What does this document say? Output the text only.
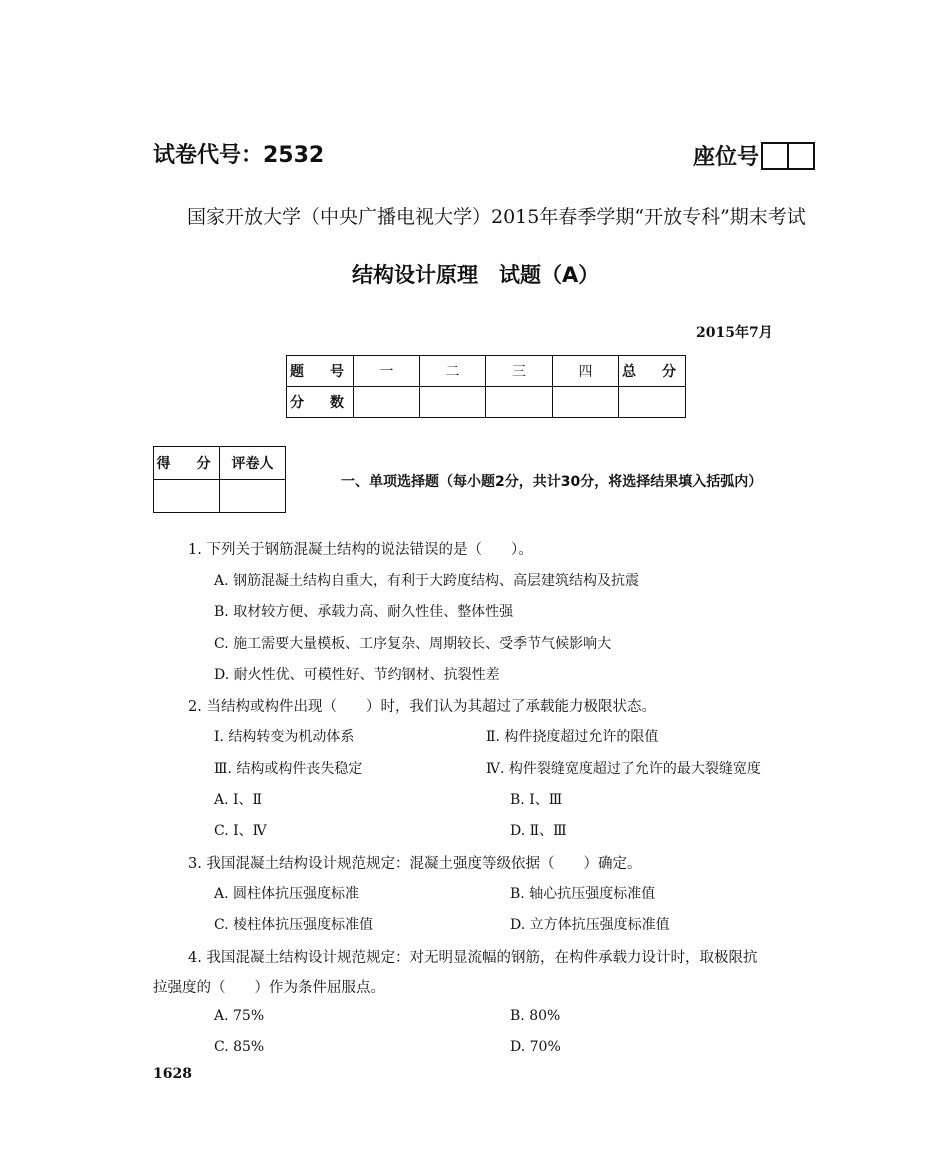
试卷代号：2532	座位号
国家开放大学（中央广播电视大学）2015年春季学期“开放专科”期末考试
结构设计原理　试题（A）
2015年7月
题　号	一	二	三	四	总　分
分　数					
得　分	评卷人

一、单项选择题（每小题2分，共计30分，将选择结果填入括弧内）
1. 下列关于钢筋混凝土结构的说法错误的是（　　）。
A. 钢筋混凝土结构自重大，有利于大跨度结构、高层建筑结构及抗震
B. 取材较方便、承载力高、耐久性佳、整体性强
C. 施工需要大量模板、工序复杂、周期较长、受季节气候影响大
D. 耐火性优、可模性好、节约钢材、抗裂性差
2. 当结构或构件出现（　　）时，我们认为其超过了承载能力极限状态。
Ⅰ. 结构转变为机动体系	Ⅱ. 构件挠度超过允许的限值
Ⅲ. 结构或构件丧失稳定	Ⅳ. 构件裂缝宽度超过了允许的最大裂缝宽度
A. Ⅰ、Ⅱ	B. Ⅰ、Ⅲ
C. Ⅰ、Ⅳ	D. Ⅱ、Ⅲ
3. 我国混凝土结构设计规范规定：混凝土强度等级依据（　　）确定。
A. 圆柱体抗压强度标准	B. 轴心抗压强度标准值
C. 棱柱体抗压强度标准值	D. 立方体抗压强度标准值
4. 我国混凝土结构设计规范规定：对无明显流幅的钢筋，在构件承载力设计时，取极限抗
拉强度的（　　）作为条件屈服点。
A. 75%	B. 80%
C. 85%	D. 70%
1628
